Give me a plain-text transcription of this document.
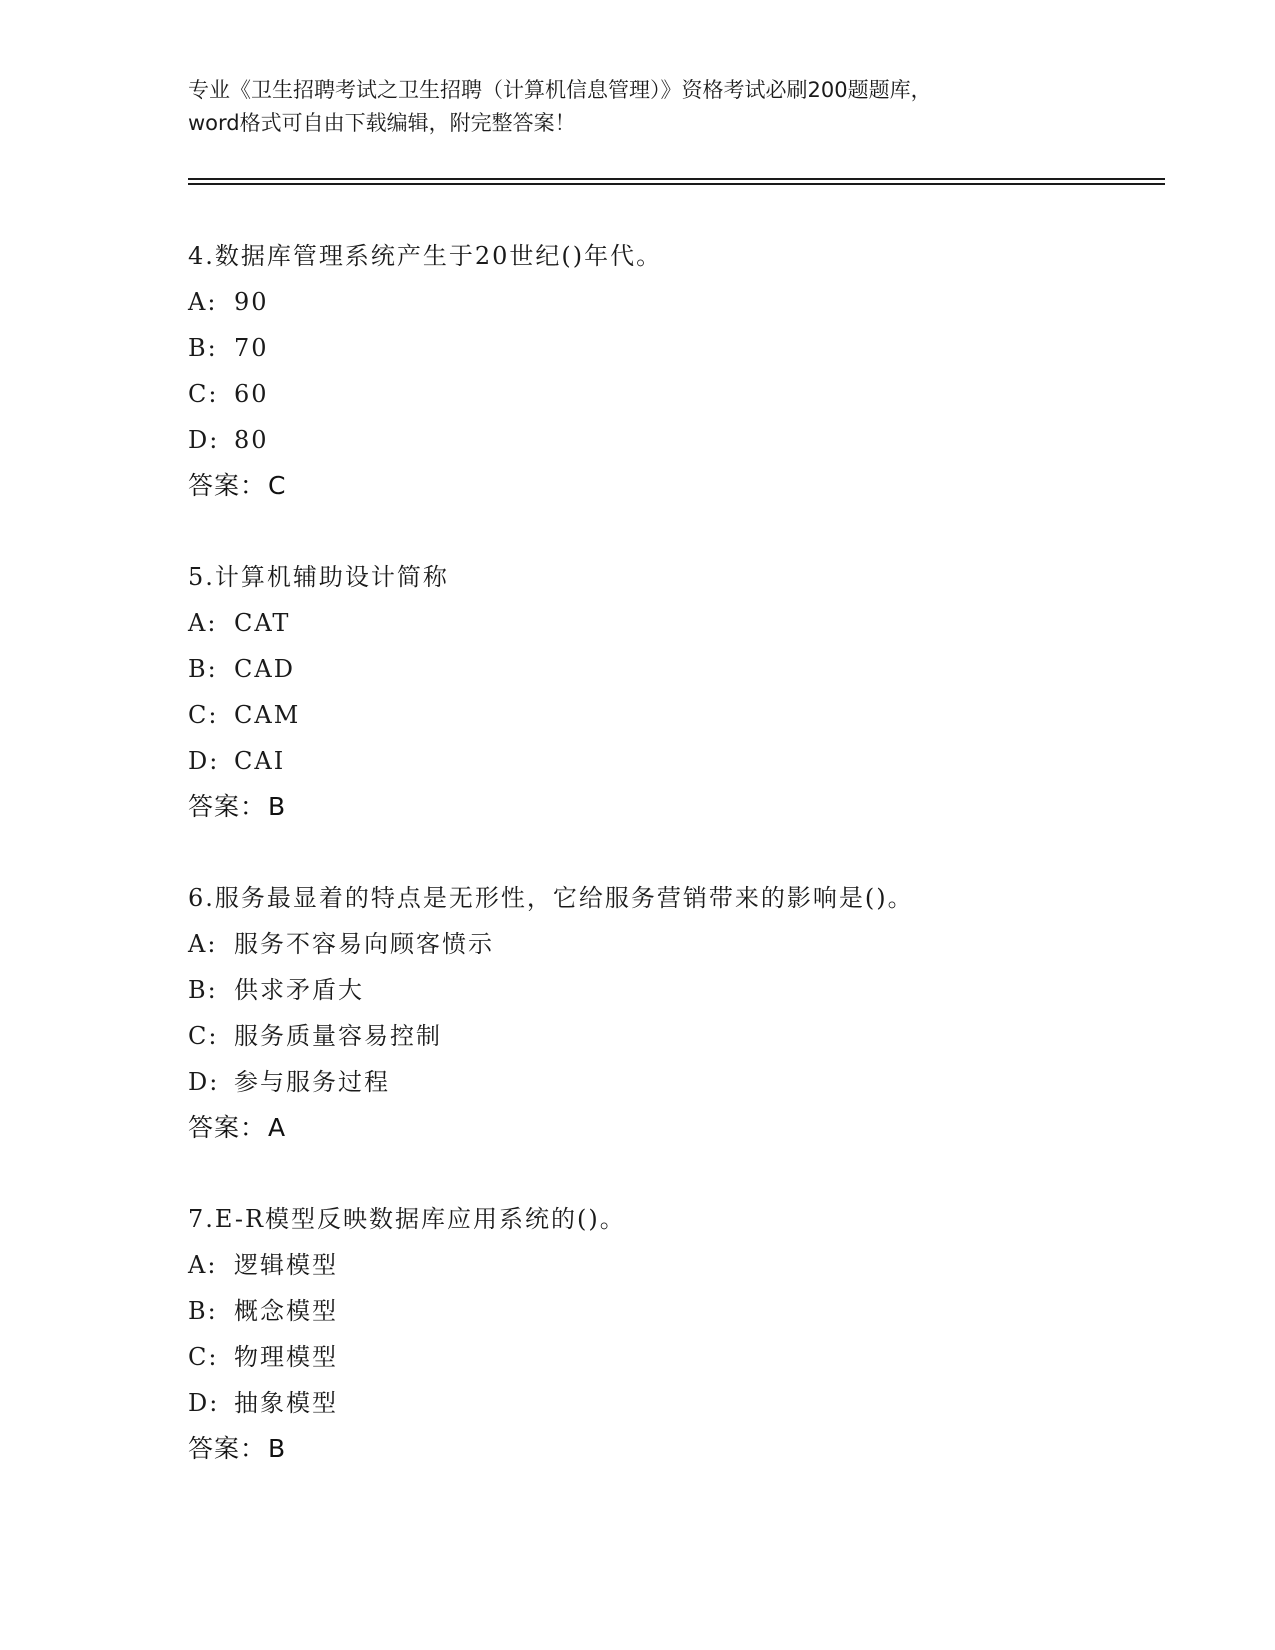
专业《卫生招聘考试之卫生招聘（计算机信息管理）》资格考试必刷200题题库，
word格式可自由下载编辑，附完整答案！
4.数据库管理系统产生于20世纪()年代。
A: 90
B: 70
C: 60
D: 80
答案：C
5.计算机辅助设计简称
A: CAT
B: CAD
C: CAM
D: CAI
答案：B
6.服务最显着的特点是无形性，它给服务营销带来的影响是()。
A: 服务不容易向顾客愤示
B: 供求矛盾大
C: 服务质量容易控制
D: 参与服务过程
答案：A
7.E-R模型反映数据库应用系统的()。
A: 逻辑模型
B: 概念模型
C: 物理模型
D: 抽象模型
答案：B
